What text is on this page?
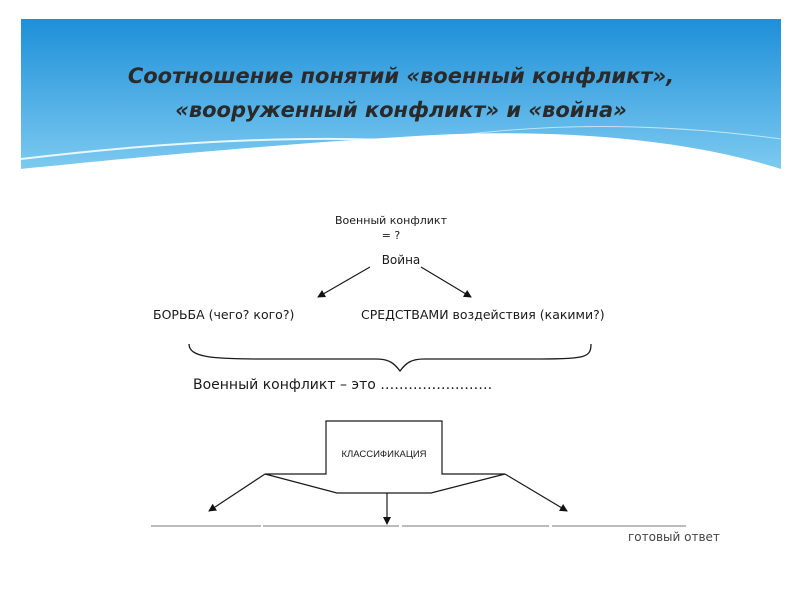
Соотношение понятий «военный конфликт»,
«вооруженный конфликт» и «война»
Военный конфликт
= ?
Война
БОРЬБА (чего? кого?)	СРЕДСТВАМИ воздействия (какими?)
Военный конфликт – это ……………………
КЛАССИФИКАЦИЯ
готовый ответ
